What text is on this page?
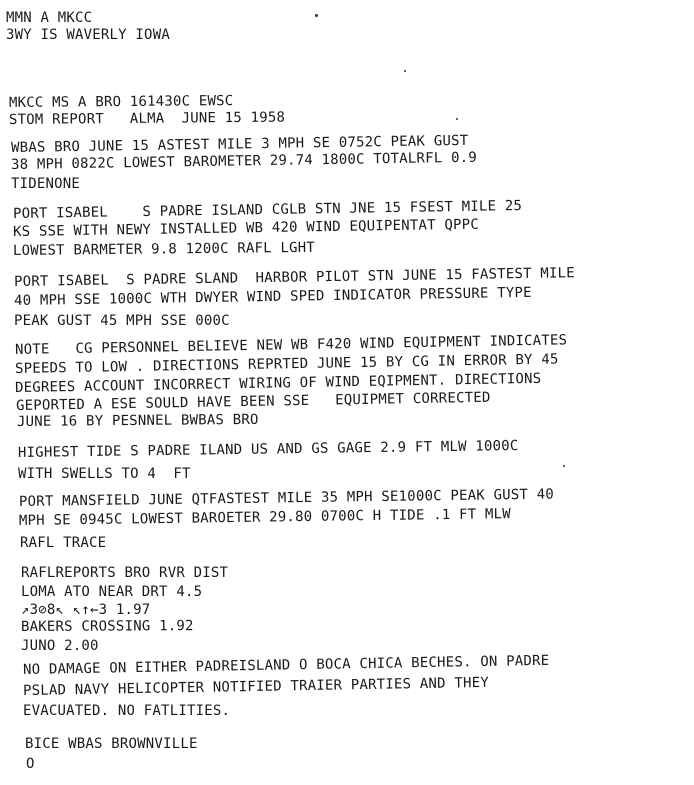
MMN A MKCC
3WY IS WAVERLY IOWA
MKCC MS A BRO 161430C EWSC
STOM REPORT   ALMA  JUNE 15 1958
WBAS BRO JUNE 15 ASTEST MILE 3 MPH SE 0752C PEAK GUST
38 MPH 0822C LOWEST BAROMETER 29.74 1800C TOTALRFL 0.9
TIDENONE
PORT ISABEL    S PADRE ISLAND CGLB STN JNE 15 FSEST MILE 25
KS SSE WITH NEWY INSTALLED WB 420 WIND EQUIPENTAT QPPC
LOWEST BARMETER 9.8 1200C RAFL LGHT
PORT ISABEL  S PADRE SLAND  HARBOR PILOT STN JUNE 15 FASTEST MILE
40 MPH SSE 1000C WTH DWYER WIND SPED INDICATOR PRESSURE TYPE
PEAK GUST 45 MPH SSE 000C
NOTE   CG PERSONNEL BELIEVE NEW WB F420 WIND EQUIPMENT INDICATES
SPEEDS TO LOW . DIRECTIONS REPRTED JUNE 15 BY CG IN ERROR BY 45
DEGREES ACCOUNT INCORRECT WIRING OF WIND EQIPMENT. DIRECTIONS
GEPORTED A ESE SOULD HAVE BEEN SSE   EQUIPMET CORRECTED
JUNE 16 BY PESNNEL BWBAS BRO
HIGHEST TIDE S PADRE ILAND US AND GS GAGE 2.9 FT MLW 1000C
WITH SWELLS TO 4  FT
PORT MANSFIELD JUNE QTFASTEST MILE 35 MPH SE1000C PEAK GUST 40
MPH SE 0945C LOWEST BAROETER 29.80 0700C H TIDE .1 FT MLW
RAFL TRACE
RAFLREPORTS BRO RVR DIST
LOMA ATO NEAR DRT 4.5
↗3⊘8↖ ↖↑←3 1.97
BAKERS CROSSING 1.92
JUNO 2.00
NO DAMAGE ON EITHER PADREISLAND O BOCA CHICA BECHES. ON PADRE
PSLAD NAVY HELICOPTER NOTIFIED TRAIER PARTIES AND THEY
EVACUATED. NO FATLITIES.
BICE WBAS BROWNVILLE
O
